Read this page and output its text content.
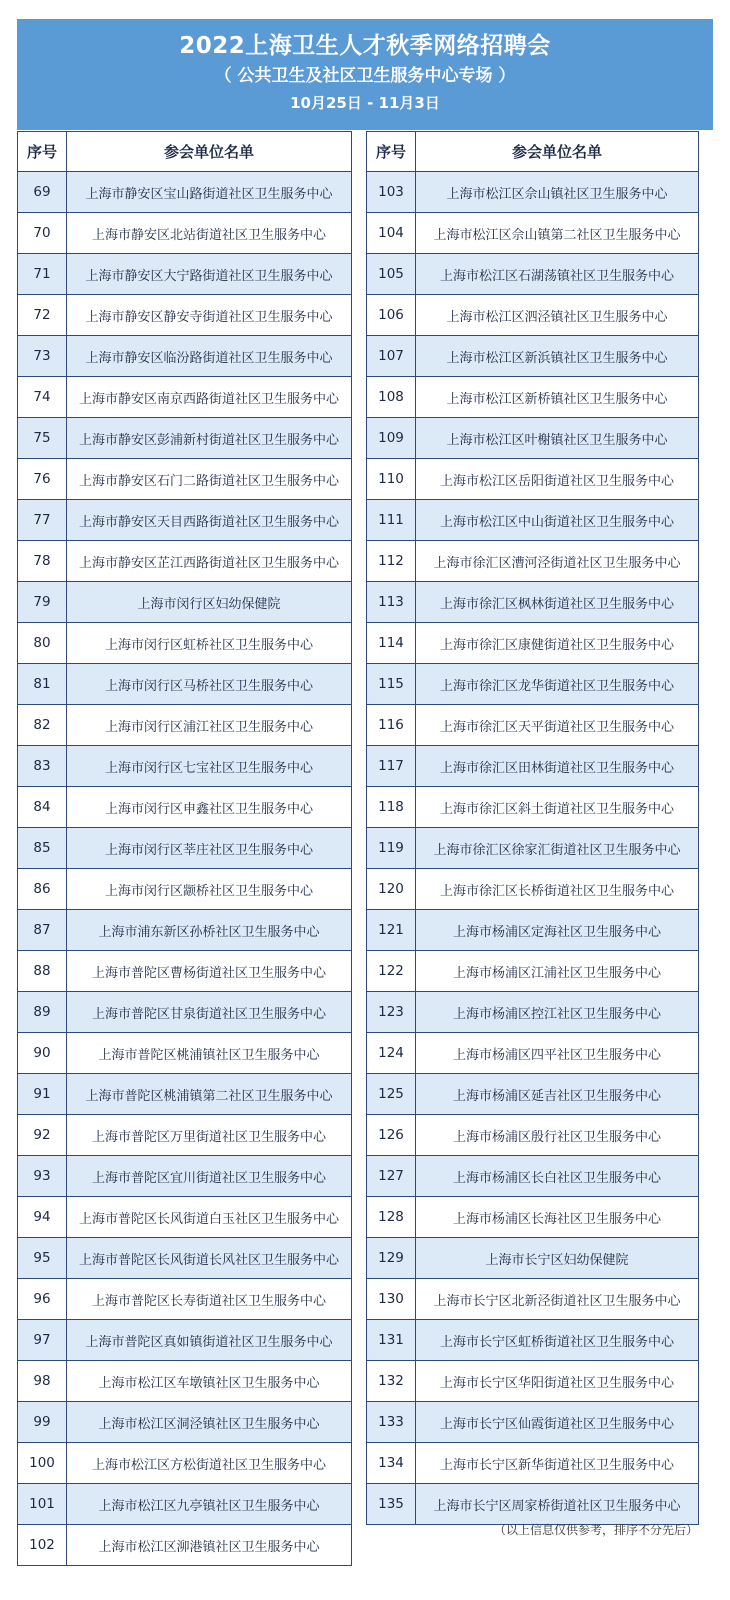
2022上海卫生人才秋季网络招聘会
（ 公共卫生及社区卫生服务中心专场 ）
10月25日 - 11月3日
序号	参会单位名单
69	上海市静安区宝山路街道社区卫生服务中心
70	上海市静安区北站街道社区卫生服务中心
71	上海市静安区大宁路街道社区卫生服务中心
72	上海市静安区静安寺街道社区卫生服务中心
73	上海市静安区临汾路街道社区卫生服务中心
74	上海市静安区南京西路街道社区卫生服务中心
75	上海市静安区彭浦新村街道社区卫生服务中心
76	上海市静安区石门二路街道社区卫生服务中心
77	上海市静安区天目西路街道社区卫生服务中心
78	上海市静安区芷江西路街道社区卫生服务中心
79	上海市闵行区妇幼保健院
80	上海市闵行区虹桥社区卫生服务中心
81	上海市闵行区马桥社区卫生服务中心
82	上海市闵行区浦江社区卫生服务中心
83	上海市闵行区七宝社区卫生服务中心
84	上海市闵行区申鑫社区卫生服务中心
85	上海市闵行区莘庄社区卫生服务中心
86	上海市闵行区颛桥社区卫生服务中心
87	上海市浦东新区孙桥社区卫生服务中心
88	上海市普陀区曹杨街道社区卫生服务中心
89	上海市普陀区甘泉街道社区卫生服务中心
90	上海市普陀区桃浦镇社区卫生服务中心
91	上海市普陀区桃浦镇第二社区卫生服务中心
92	上海市普陀区万里街道社区卫生服务中心
93	上海市普陀区宜川街道社区卫生服务中心
94	上海市普陀区长风街道白玉社区卫生服务中心
95	上海市普陀区长风街道长风社区卫生服务中心
96	上海市普陀区长寿街道社区卫生服务中心
97	上海市普陀区真如镇街道社区卫生服务中心
98	上海市松江区车墩镇社区卫生服务中心
99	上海市松江区洞泾镇社区卫生服务中心
100	上海市松江区方松街道社区卫生服务中心
101	上海市松江区九亭镇社区卫生服务中心
102	上海市松江区泖港镇社区卫生服务中心
序号	参会单位名单
103	上海市松江区佘山镇社区卫生服务中心
104	上海市松江区佘山镇第二社区卫生服务中心
105	上海市松江区石湖荡镇社区卫生服务中心
106	上海市松江区泗泾镇社区卫生服务中心
107	上海市松江区新浜镇社区卫生服务中心
108	上海市松江区新桥镇社区卫生服务中心
109	上海市松江区叶榭镇社区卫生服务中心
110	上海市松江区岳阳街道社区卫生服务中心
111	上海市松江区中山街道社区卫生服务中心
112	上海市徐汇区漕河泾街道社区卫生服务中心
113	上海市徐汇区枫林街道社区卫生服务中心
114	上海市徐汇区康健街道社区卫生服务中心
115	上海市徐汇区龙华街道社区卫生服务中心
116	上海市徐汇区天平街道社区卫生服务中心
117	上海市徐汇区田林街道社区卫生服务中心
118	上海市徐汇区斜土街道社区卫生服务中心
119	上海市徐汇区徐家汇街道社区卫生服务中心
120	上海市徐汇区长桥街道社区卫生服务中心
121	上海市杨浦区定海社区卫生服务中心
122	上海市杨浦区江浦社区卫生服务中心
123	上海市杨浦区控江社区卫生服务中心
124	上海市杨浦区四平社区卫生服务中心
125	上海市杨浦区延吉社区卫生服务中心
126	上海市杨浦区殷行社区卫生服务中心
127	上海市杨浦区长白社区卫生服务中心
128	上海市杨浦区长海社区卫生服务中心
129	上海市长宁区妇幼保健院
130	上海市长宁区北新泾街道社区卫生服务中心
131	上海市长宁区虹桥街道社区卫生服务中心
132	上海市长宁区华阳街道社区卫生服务中心
133	上海市长宁区仙霞街道社区卫生服务中心
134	上海市长宁区新华街道社区卫生服务中心
135	上海市长宁区周家桥街道社区卫生服务中心
（以上信息仅供参考，排序不分先后）
